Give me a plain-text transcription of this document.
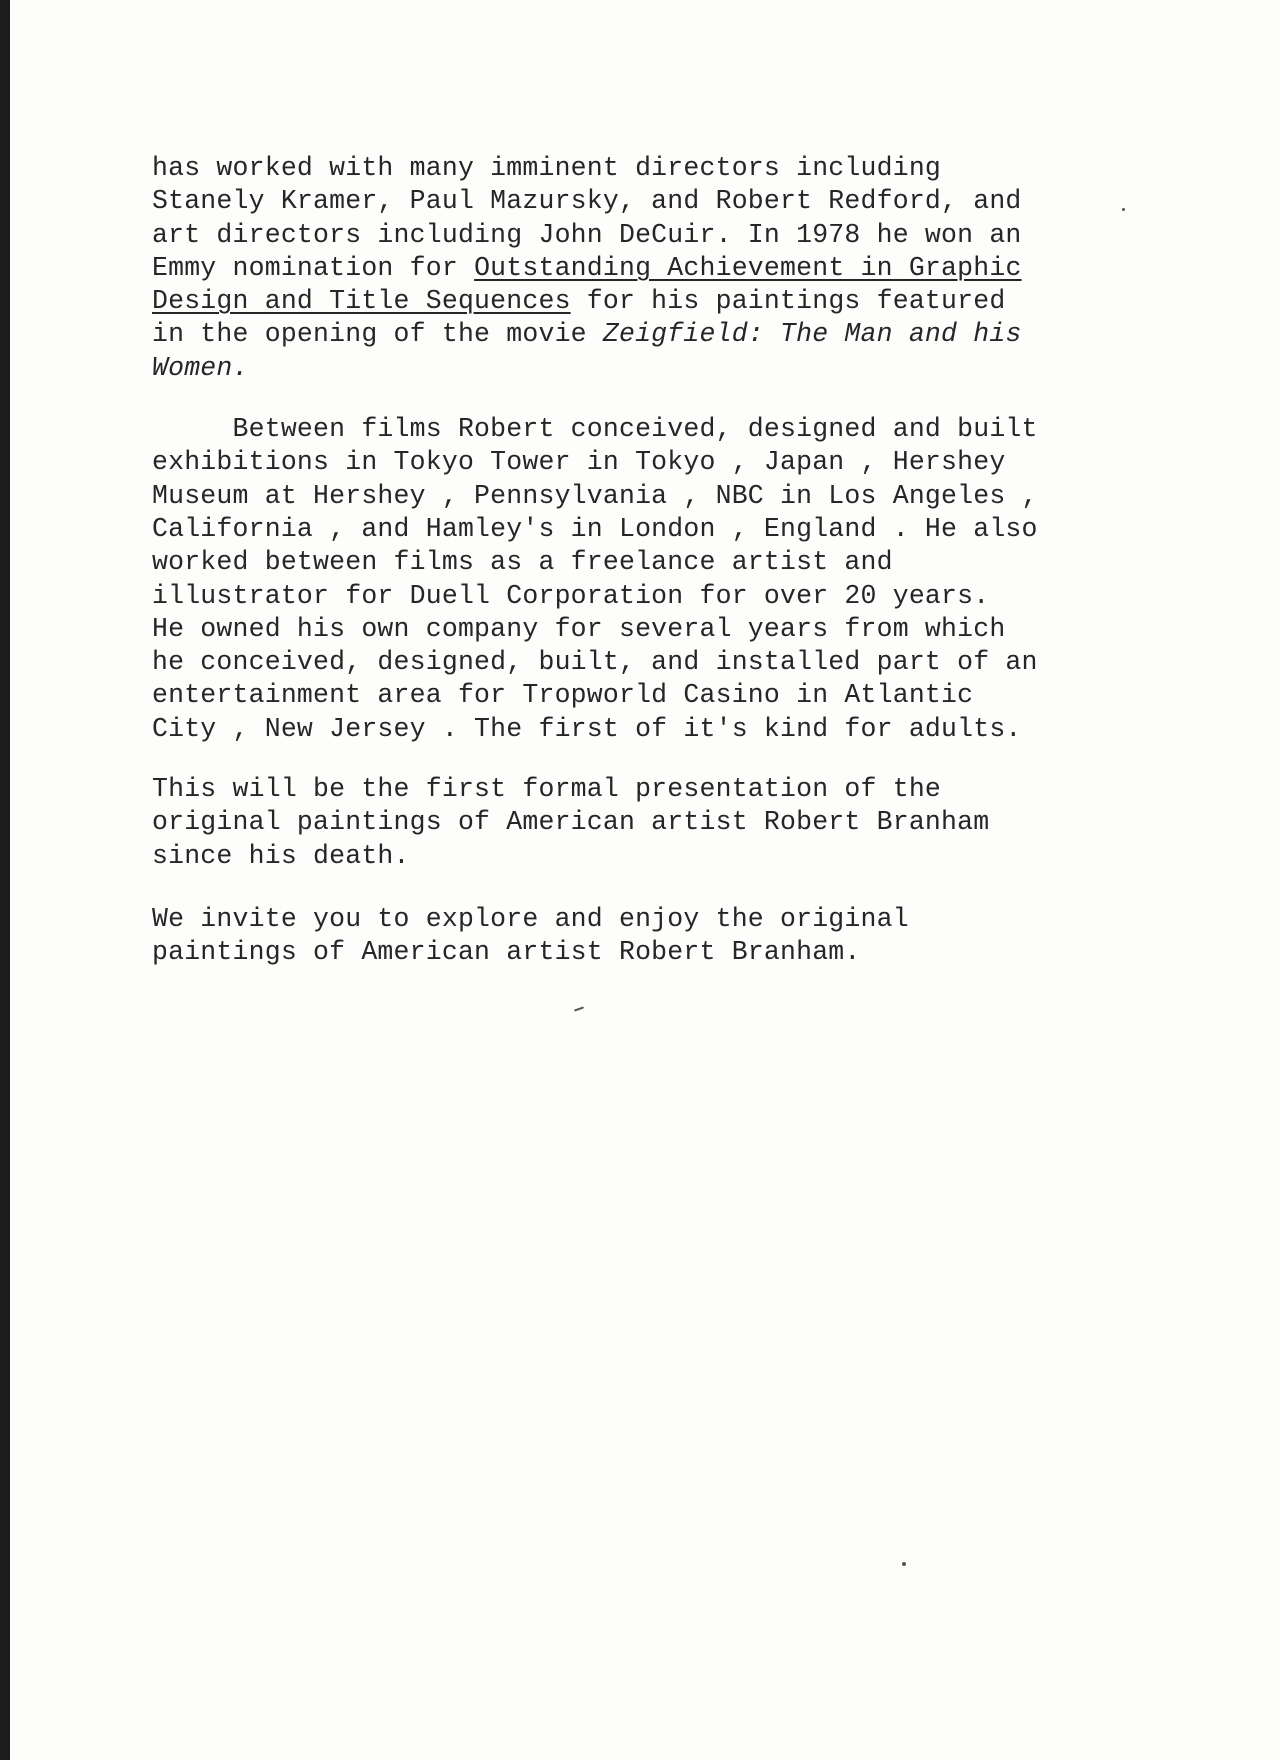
has worked with many imminent directors including
Stanely Kramer, Paul Mazursky, and Robert Redford, and
art directors including John DeCuir. In 1978 he won an
Emmy nomination for Outstanding Achievement in Graphic
Design and Title Sequences for his paintings featured
in the opening of the movie Zeigfield: The Man and his
Women.
Between films Robert conceived, designed and built
exhibitions in Tokyo Tower in Tokyo , Japan , Hershey
Museum at Hershey , Pennsylvania , NBC in Los Angeles ,
California , and Hamley's in London , England . He also
worked between films as a freelance artist and
illustrator for Duell Corporation for over 20 years.
He owned his own company for several years from which
he conceived, designed, built, and installed part of an
entertainment area for Tropworld Casino in Atlantic
City , New Jersey . The first of it's kind for adults.
This will be the first formal presentation of the
original paintings of American artist Robert Branham
since his death.
We invite you to explore and enjoy the original
paintings of American artist Robert Branham.
